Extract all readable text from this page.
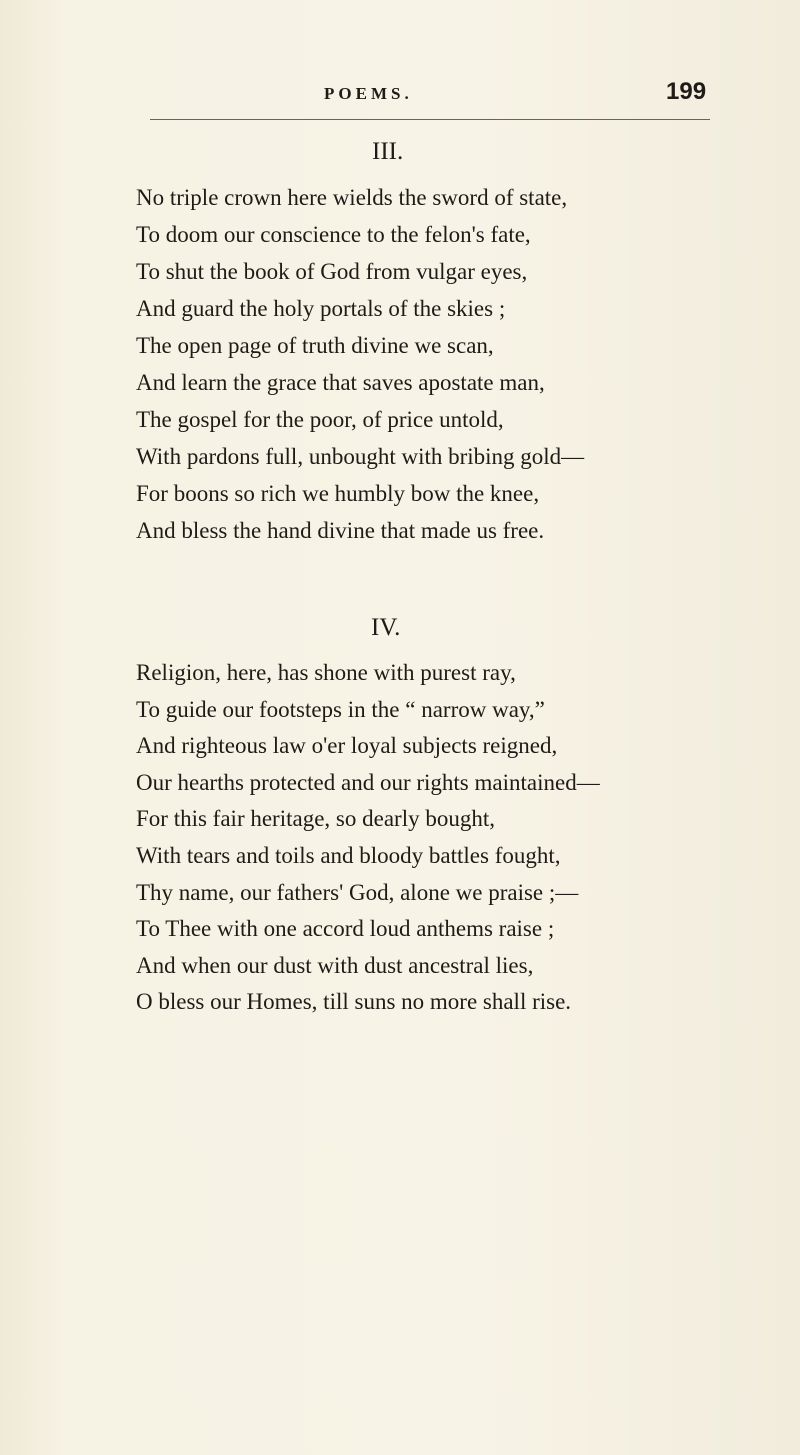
POEMS.	199
III.
No triple crown here wields the sword of state,
To doom our conscience to the felon's fate,
To shut the book of God from vulgar eyes,
And guard the holy portals of the skies ;
The open page of truth divine we scan,
And learn the grace that saves apostate man,
The gospel for the poor, of price untold,
With pardons full, unbought with bribing gold—
For boons so rich we humbly bow the knee,
And bless the hand divine that made us free.
IV.
Religion, here, has shone with purest ray,
To guide our footsteps in the “ narrow way,”
And righteous law o'er loyal subjects reigned,
Our hearths protected and our rights maintained—
For this fair heritage, so dearly bought,
With tears and toils and bloody battles fought,
Thy name, our fathers' God, alone we praise ;—
To Thee with one accord loud anthems raise ;
And when our dust with dust ancestral lies,
O bless our Homes, till suns no more shall rise.
